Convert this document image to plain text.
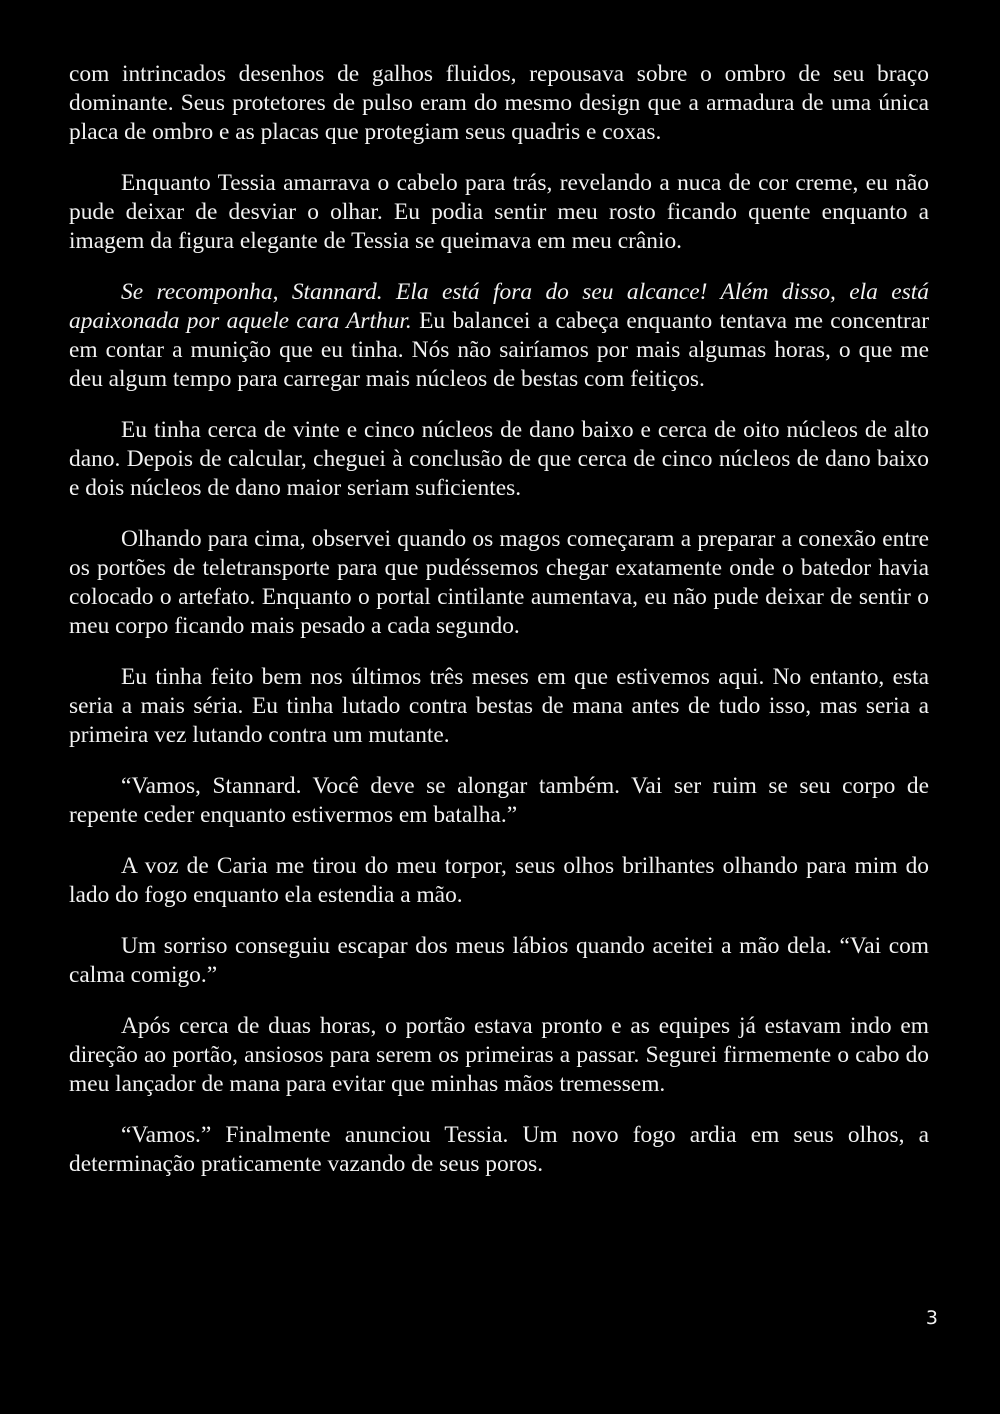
com intrincados desenhos de galhos fluidos, repousava sobre o ombro de seu braço dominante. Seus protetores de pulso eram do mesmo design que a armadura de uma única placa de ombro e as placas que protegiam seus quadris e coxas.

Enquanto Tessia amarrava o cabelo para trás, revelando a nuca de cor creme, eu não pude deixar de desviar o olhar. Eu podia sentir meu rosto ficando quente enquanto a imagem da figura elegante de Tessia se queimava em meu crânio.

Se recomponha, Stannard. Ela está fora do seu alcance! Além disso, ela está apaixonada por aquele cara Arthur. Eu balancei a cabeça enquanto tentava me concentrar em contar a munição que eu tinha. Nós não sairíamos por mais algumas horas, o que me deu algum tempo para carregar mais núcleos de bestas com feitiços.

Eu tinha cerca de vinte e cinco núcleos de dano baixo e cerca de oito núcleos de alto dano. Depois de calcular, cheguei à conclusão de que cerca de cinco núcleos de dano baixo e dois núcleos de dano maior seriam suficientes.

Olhando para cima, observei quando os magos começaram a preparar a conexão entre os portões de teletransporte para que pudéssemos chegar exatamente onde o batedor havia colocado o artefato. Enquanto o portal cintilante aumentava, eu não pude deixar de sentir o meu corpo ficando mais pesado a cada segundo.

Eu tinha feito bem nos últimos três meses em que estivemos aqui. No entanto, esta seria a mais séria. Eu tinha lutado contra bestas de mana antes de tudo isso, mas seria a primeira vez lutando contra um mutante.

“Vamos, Stannard. Você deve se alongar também. Vai ser ruim se seu corpo de repente ceder enquanto estivermos em batalha.”

A voz de Caria me tirou do meu torpor, seus olhos brilhantes olhando para mim do lado do fogo enquanto ela estendia a mão.

Um sorriso conseguiu escapar dos meus lábios quando aceitei a mão dela. “Vai com calma comigo.”

Após cerca de duas horas, o portão estava pronto e as equipes já estavam indo em direção ao portão, ansiosos para serem os primeiras a passar. Segurei firmemente o cabo do meu lançador de mana para evitar que minhas mãos tremessem.

“Vamos.” Finalmente anunciou Tessia. Um novo fogo ardia em seus olhos, a determinação praticamente vazando de seus poros.

3
